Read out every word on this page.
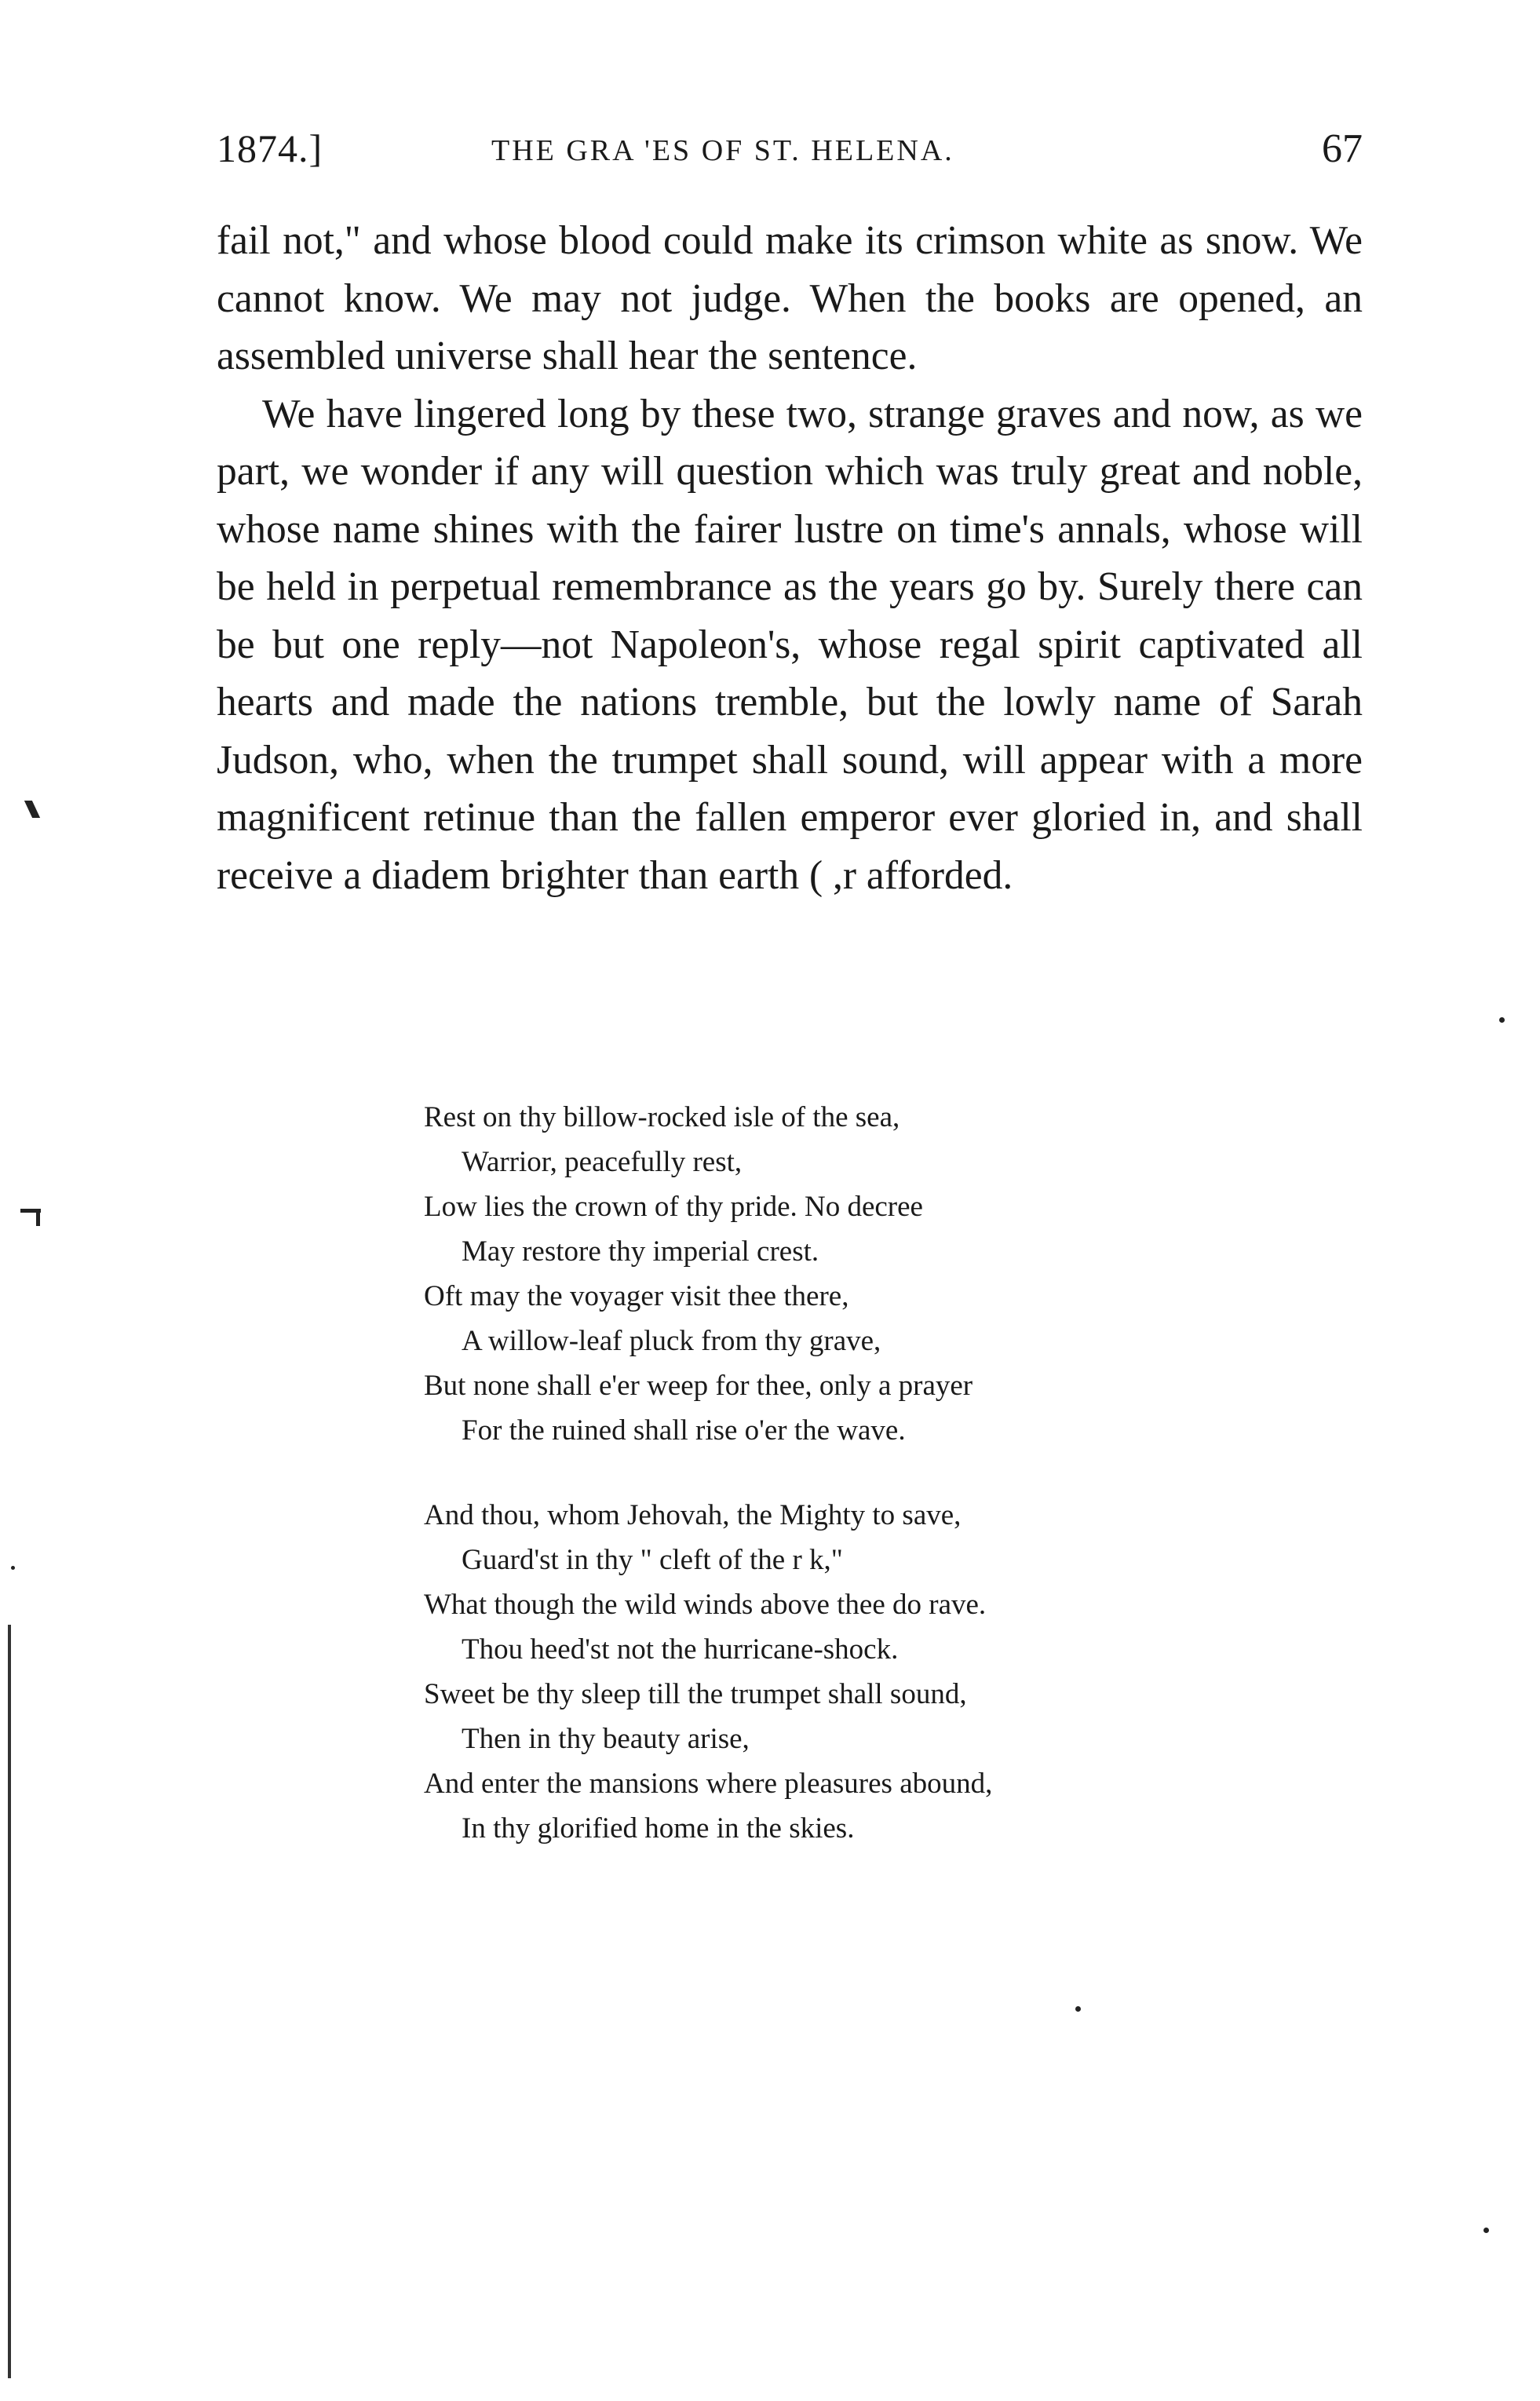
1874.]	THE GRA 'ES OF ST. HELENA.	67

fail not," and whose blood could make its crimson white as snow. We cannot know. We may not judge. When the books are opened, an assembled universe shall hear the sentence.

We have lingered long by these two, strange graves and now, as we part, we wonder if any will question which was truly great and noble, whose name shines with the fairer lustre on time's annals, whose will be held in perpetual remembrance as the years go by. Surely there can be but one reply—not Napoleon's, whose regal spirit captivated all hearts and made the nations tremble, but the lowly name of Sarah Judson, who, when the trumpet shall sound, will appear with a more magnificent retinue than the fallen emperor ever gloried in, and shall receive a diadem brighter than earth ( ,r afforded.

Rest on thy billow-rocked isle of the sea,
Warrior, peacefully rest,
Low lies the crown of thy pride. No decree
May restore thy imperial crest.
Oft may the voyager visit thee there,
A willow-leaf pluck from thy grave,
But none shall e'er weep for thee, only a prayer
For the ruined shall rise o'er the wave.
And thou, whom Jehovah, the Mighty to save,
Guard'st in thy " cleft of the r k,"
What though the wild winds above thee do rave.
Thou heed'st not the hurricane-shock.
Sweet be thy sleep till the trumpet shall sound,
Then in thy beauty arise,
And enter the mansions where pleasures abound,
In thy glorified home in the skies.
